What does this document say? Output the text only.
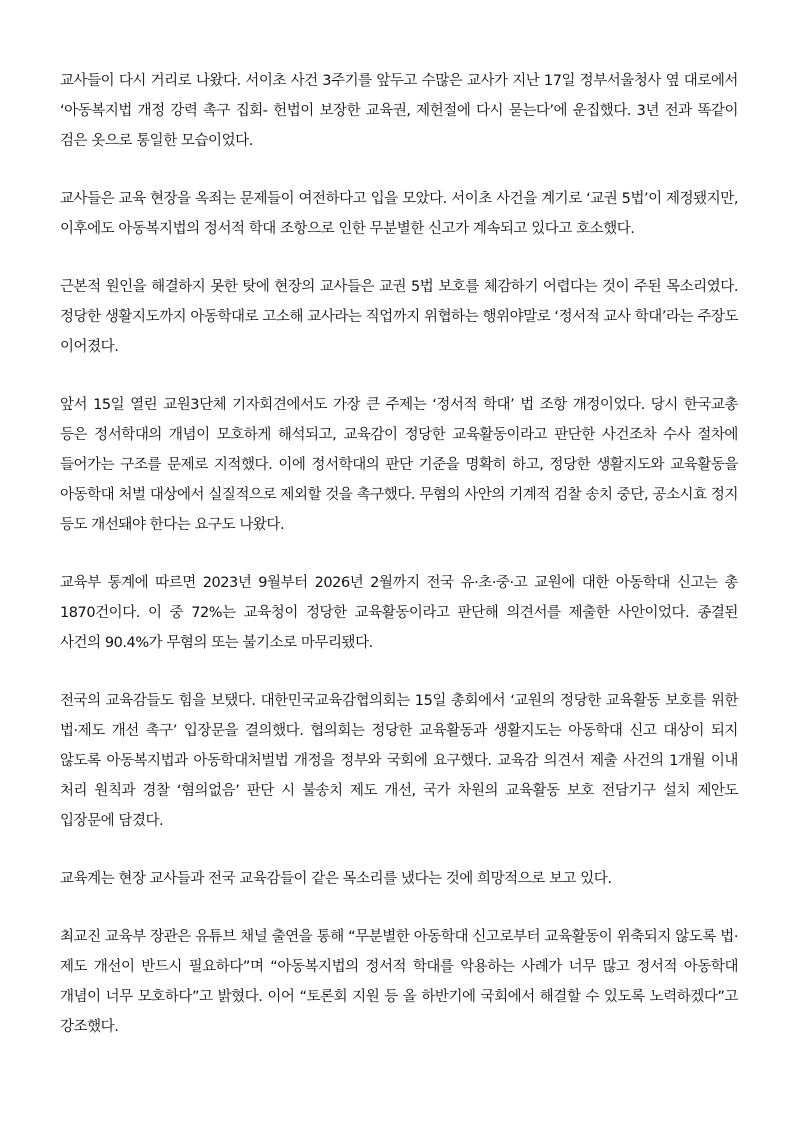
교사들이 다시 거리로 나왔다. 서이초 사건 3주기를 앞두고 수많은 교사가 지난 17일 정부서울청사 옆 대로에서 ‘아동복지법 개정 강력 촉구 집회- 헌법이 보장한 교육권, 제헌절에 다시 묻는다’에 운집했다. 3년 전과 똑같이 검은 옷으로 통일한 모습이었다.

교사들은 교육 현장을 옥죄는 문제들이 여전하다고 입을 모았다. 서이초 사건을 계기로 ‘교권 5법’이 제정됐지만, 이후에도 아동복지법의 정서적 학대 조항으로 인한 무분별한 신고가 계속되고 있다고 호소했다.

근본적 원인을 해결하지 못한 탓에 현장의 교사들은 교권 5법 보호를 체감하기 어렵다는 것이 주된 목소리였다. 정당한 생활지도까지 아동학대로 고소해 교사라는 직업까지 위협하는 행위야말로 ‘정서적 교사 학대’라는 주장도 이어졌다.

앞서 15일 열린 교원3단체 기자회견에서도 가장 큰 주제는 ‘정서적 학대’ 법 조항 개정이었다. 당시 한국교총 등은 정서학대의 개념이 모호하게 해석되고, 교육감이 정당한 교육활동이라고 판단한 사건조차 수사 절차에 들어가는 구조를 문제로 지적했다. 이에 정서학대의 판단 기준을 명확히 하고, 정당한 생활지도와 교육활동을 아동학대 처벌 대상에서 실질적으로 제외할 것을 촉구했다. 무혐의 사안의 기계적 검찰 송치 중단, 공소시효 정지 등도 개선돼야 한다는 요구도 나왔다.

교육부 통계에 따르면 2023년 9월부터 2026년 2월까지 전국 유·초·중·고 교원에 대한 아동학대 신고는 총 1870건이다. 이 중 72%는 교육청이 정당한 교육활동이라고 판단해 의견서를 제출한 사안이었다. 종결된 사건의 90.4%가 무혐의 또는 불기소로 마무리됐다.

전국의 교육감들도 힘을 보탰다. 대한민국교육감협의회는 15일 총회에서 ‘교원의 정당한 교육활동 보호를 위한 법·제도 개선 촉구’ 입장문을 결의했다. 협의회는 정당한 교육활동과 생활지도는 아동학대 신고 대상이 되지 않도록 아동복지법과 아동학대처벌법 개정을 정부와 국회에 요구했다. 교육감 의견서 제출 사건의 1개월 이내 처리 원칙과 경찰 ‘혐의없음’ 판단 시 불송치 제도 개선, 국가 차원의 교육활동 보호 전담기구 설치 제안도 입장문에 담겼다.

교육계는 현장 교사들과 전국 교육감들이 같은 목소리를 냈다는 것에 희망적으로 보고 있다.

최교진 교육부 장관은 유튜브 채널 출연을 통해 “무분별한 아동학대 신고로부터 교육활동이 위축되지 않도록 법·제도 개선이 반드시 필요하다”며 “아동복지법의 정서적 학대를 악용하는 사례가 너무 많고 정서적 아동학대 개념이 너무 모호하다”고 밝혔다. 이어 “토론회 지원 등 올 하반기에 국회에서 해결할 수 있도록 노력하겠다”고 강조했다.
